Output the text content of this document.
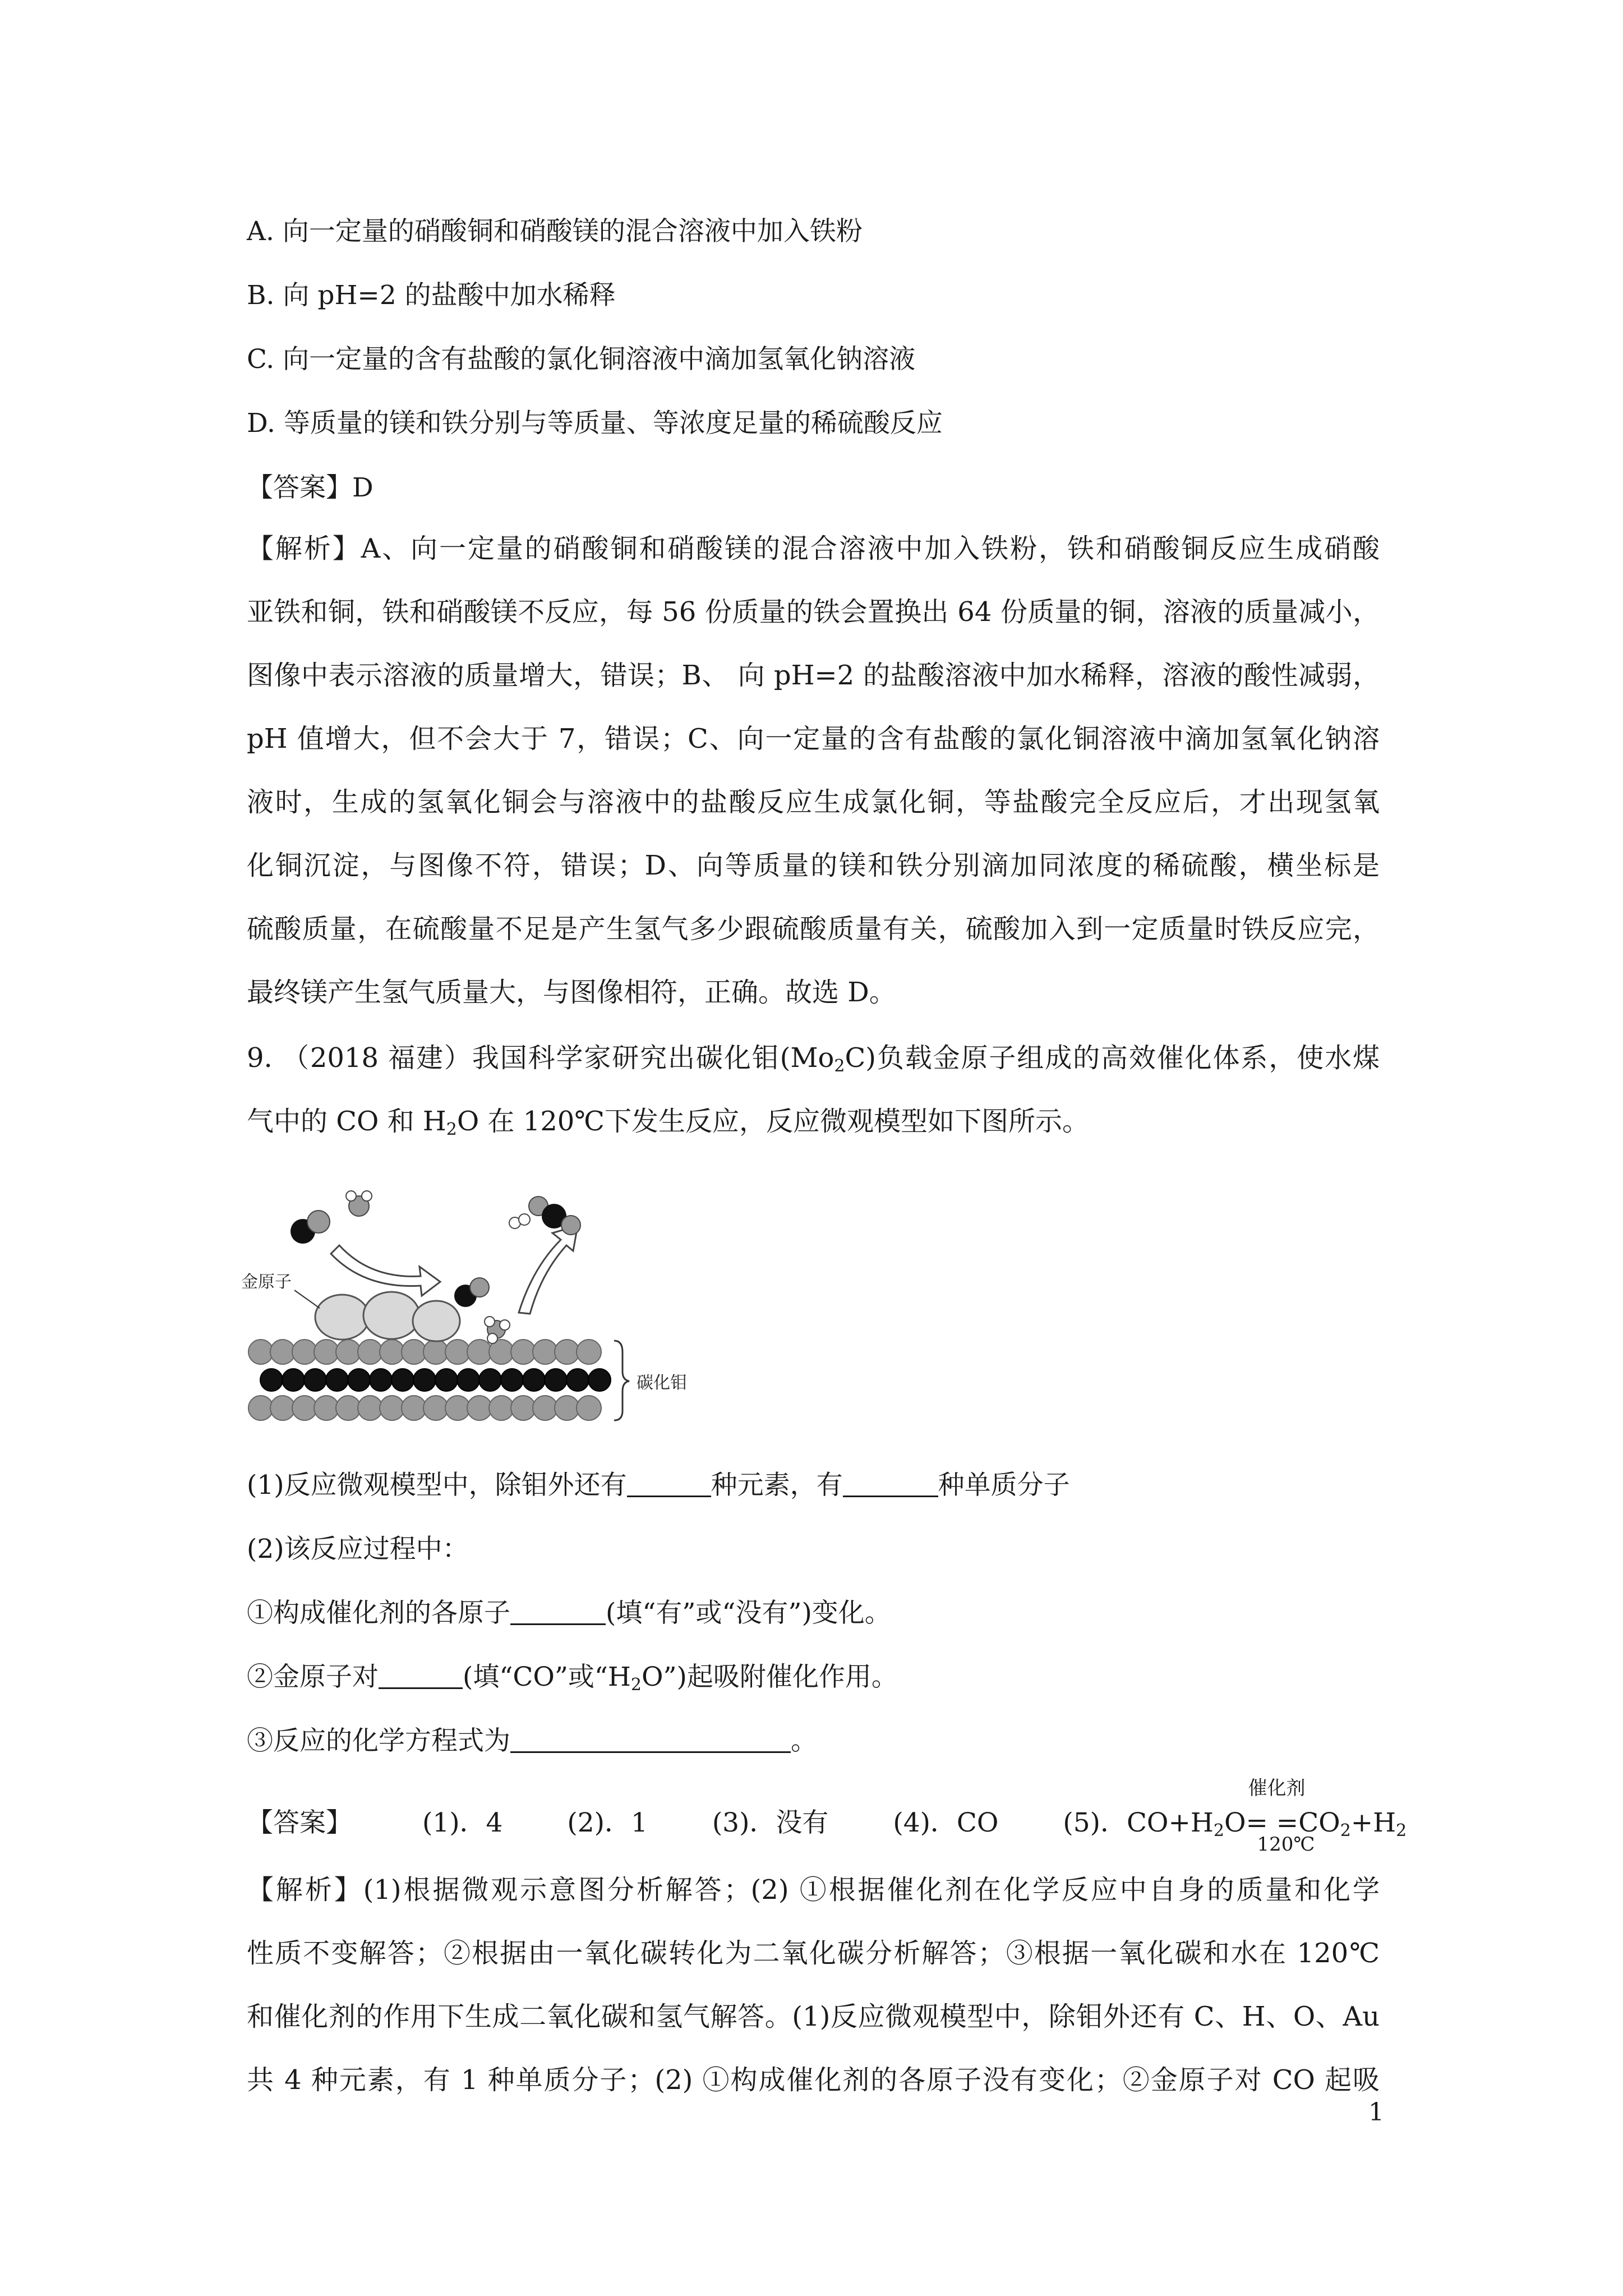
A. 向一定量的硝酸铜和硝酸镁的混合溶液中加入铁粉
B. 向 pH=2 的盐酸中加水稀释
C. 向一定量的含有盐酸的氯化铜溶液中滴加氢氧化钠溶液
D. 等质量的镁和铁分别与等质量、等浓度足量的稀硫酸反应
【答案】D
【解析】A、向一定量的硝酸铜和硝酸镁的混合溶液中加入铁粉，铁和硝酸铜反应生成硝酸
亚铁和铜，铁和硝酸镁不反应，每 56 份质量的铁会置换出 64 份质量的铜，溶液的质量减小，
图像中表示溶液的质量增大，错误；B、 向 pH=2 的盐酸溶液中加水稀释，溶液的酸性减弱，
pH 值增大，但不会大于 7，错误；C、向一定量的含有盐酸的氯化铜溶液中滴加氢氧化钠溶
液时，生成的氢氧化铜会与溶液中的盐酸反应生成氯化铜，等盐酸完全反应后，才出现氢氧
化铜沉淀，与图像不符，错误；D、向等质量的镁和铁分别滴加同浓度的稀硫酸，横坐标是
硫酸质量，在硫酸量不足是产生氢气多少跟硫酸质量有关，硫酸加入到一定质量时铁反应完，
最终镁产生氢气质量大，与图像相符，正确。故选 D。
9. （2018 福建）我国科学家研究出碳化钼$(Mo_2C)$负载金原子组成的高效催化体系，使水煤
气中的 CO 和 $H_2O$ 在 120℃下发生反应，反应微观模型如下图所示。
金原子
碳化钼
(1)反应微观模型中，除钼外还有	种元素，有	种单质分子
(2)该反应过程中：
①构成催化剂的各原子	(填“有”或“没有”)变化。
②金原子对	(填“CO”或“$H_2O$”)起吸附催化作用。
③反应的化学方程式为	。
【答案】	(1)．4 (2)．1 (3)．没有 (4)．CO (5)．$CO+H_2O$
催化剂
= =
120℃
$CO_2+H_2$
【解析】(1)根据微观示意图分析解答；(2) ①根据催化剂在化学反应中自身的质量和化学
性质不变解答；②根据由一氧化碳转化为二氧化碳分析解答；③根据一氧化碳和水在 120℃
和催化剂的作用下生成二氧化碳和氢气解答。(1)反应微观模型中，除钼外还有 C、H、O、Au
共 4 种元素，有 1 种单质分子；(2) ①构成催化剂的各原子没有变化；②金原子对 CO 起吸
1
